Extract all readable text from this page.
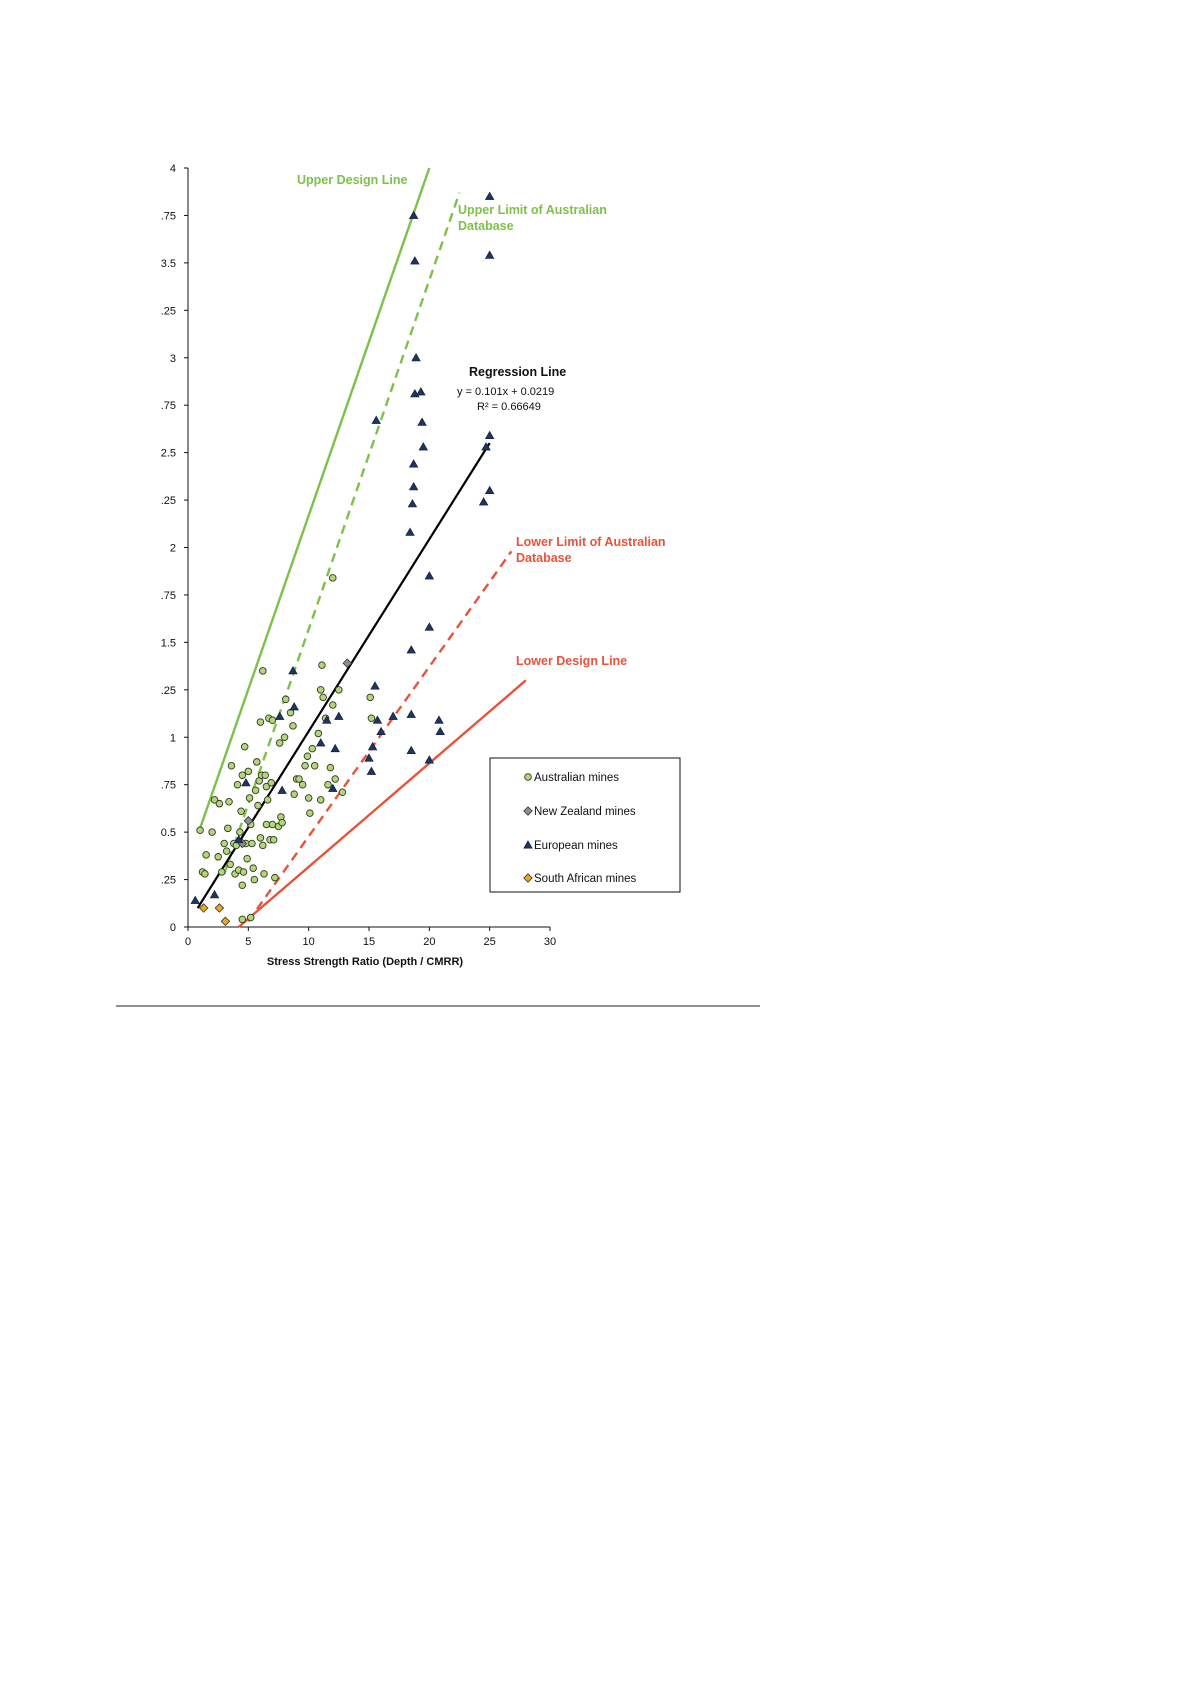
0
.25
0.5
.75
1
.25
1.5
.75
2
.25
2.5
.75
3
.25
3.5
.75
4
0	5	10	15	20	25	30
Stress Strength Ratio (Depth / CMRR)
Upper Design Line
Upper Limit of Australian
Database
Regression Line
y = 0.101x + 0.0219
R² = 0.66649
Lower Limit of Australian
Database
Lower Design Line
Australian mines
New Zealand mines
European mines
South African mines
